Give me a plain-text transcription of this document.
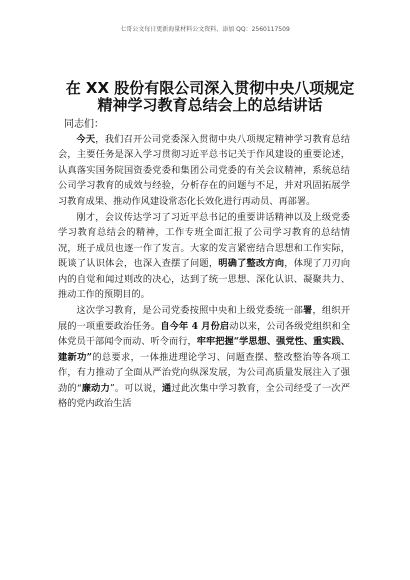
七哥公文每日更新海量材料公文资料，添加 QQ：2560117509
在 XX 股份有限公司深入贯彻中央八项规定精神学习教育总结会上的总结讲话

同志们：

今天，我们召开公司党委深入贯彻中央八项规定精神学习教育总结会，主要任务是深入学习贯彻习近平总书记关于作风建设的重要论述，认真落实国务院国资委党委和集团公司党委的有关会议精神，系统总结公司学习教育的成效与经验，分析存在的问题与不足，并对巩固拓展学习教育成果、推动作风建设常态化长效化进行再动员、再部署。

刚才，会议传达学习了习近平总书记的重要讲话精神以及上级党委学习教育总结会的精神，工作专班全面汇报了公司学习教育的总结情况，班子成员也逐一作了发言。大家的发言紧密结合思想和工作实际，既谈了认识体会，也深入查摆了问题，明确了整改方向，体现了刀刃向内的自觉和闻过则改的决心，达到了统一思想、深化认识、凝聚共力、推动工作的预期目的。

这次学习教育，是公司党委按照中央和上级党委统一部署，组织开展的一项重要政治任务。自今年 4 月份启动以来，公司各级党组织和全体党员干部闻令而动、听令而行，牢牢把握“学思想、强党性、重实践、建新功”的总要求，一体推进理论学习、问题查摆、整改整治等各项工作，有力推动了全面从严治党向纵深发展，为公司高质量发展注入了强劲的“廉动力”。可以说，通过此次集中学习教育，全公司经受了一次严格的党内政治生活
